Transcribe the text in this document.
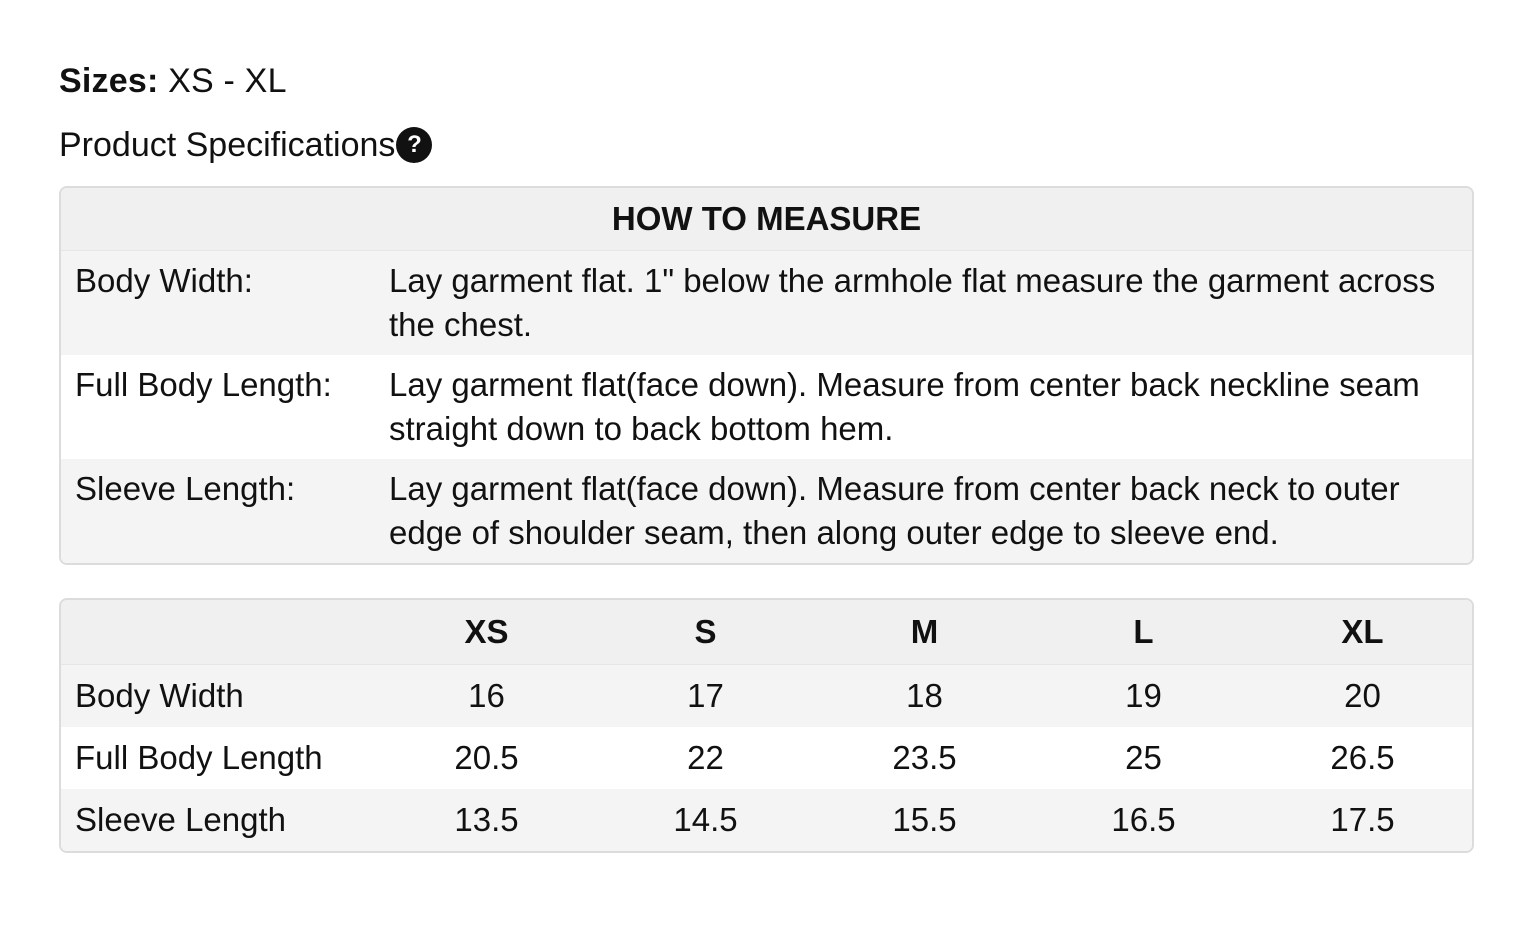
Sizes: XS - XL
Product Specifications ?
HOW TO MEASURE	
Body Width:	Lay garment flat. 1" below the armhole flat measure the garment across the chest.
Full Body Length:	Lay garment flat(face down). Measure from center back neckline seam straight down to back bottom hem.
Sleeve Length:	Lay garment flat(face down). Measure from center back neck to outer edge of shoulder seam, then along outer edge to sleeve end.
	XS	S	M	L	XL
Body Width	16	17	18	19	20
Full Body Length	20.5	22	23.5	25	26.5
Sleeve Length	13.5	14.5	15.5	16.5	17.5
